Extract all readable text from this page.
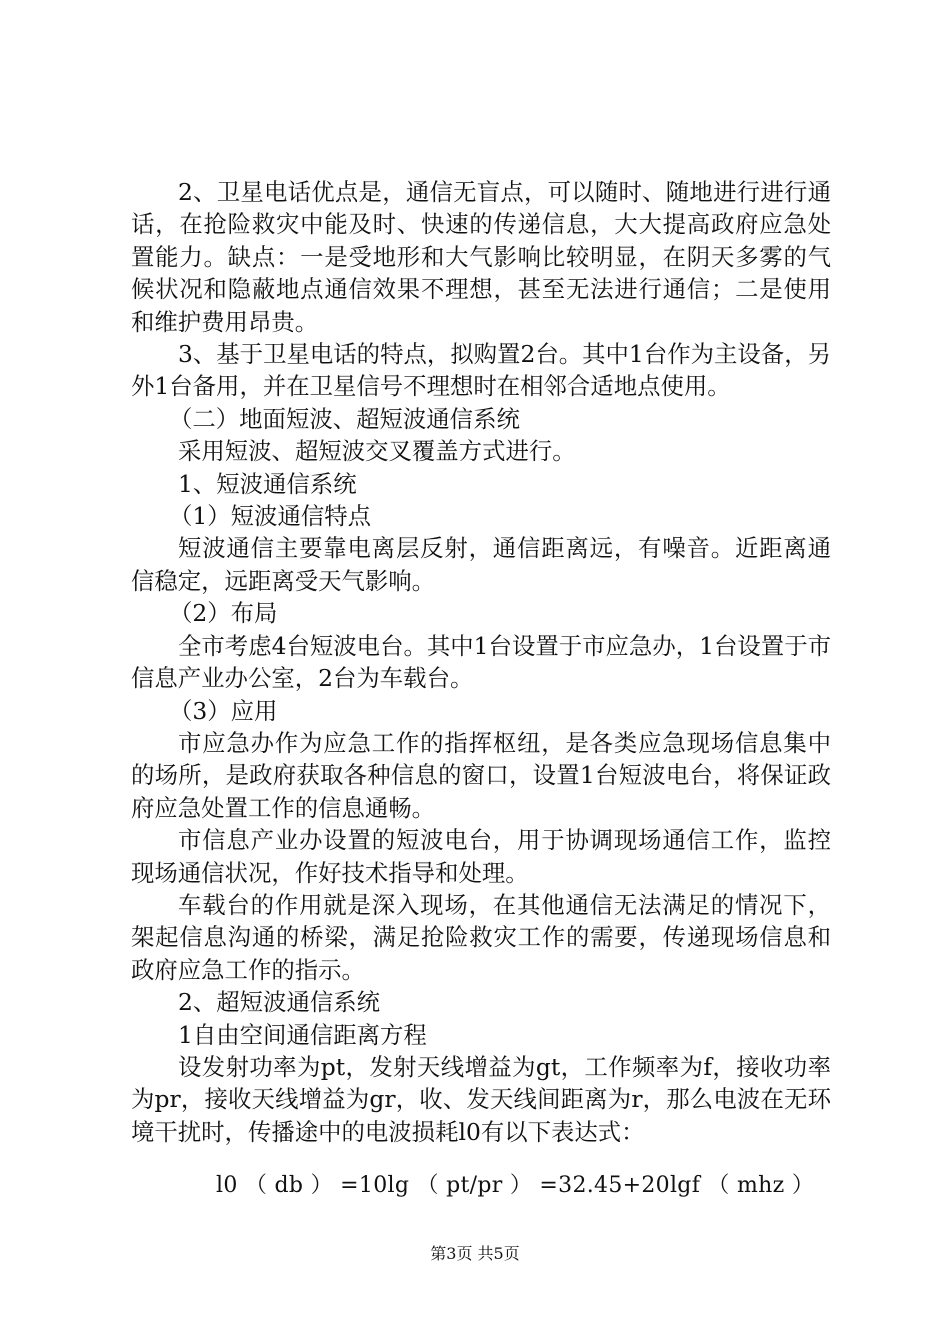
2、卫星电话优点是，通信无盲点，可以随时、随地进行进行通话，在抢险救灾中能及时、快速的传递信息，大大提高政府应急处置能力。缺点：一是受地形和大气影响比较明显，在阴天多雾的气候状况和隐蔽地点通信效果不理想，甚至无法进行通信；二是使用和维护费用昂贵。

3、基于卫星电话的特点，拟购置2台。其中1台作为主设备，另外1台备用，并在卫星信号不理想时在相邻合适地点使用。

（二）地面短波、超短波通信系统

采用短波、超短波交叉覆盖方式进行。

1、短波通信系统

（1）短波通信特点

短波通信主要靠电离层反射，通信距离远，有噪音。近距离通信稳定，远距离受天气影响。

（2）布局

全市考虑4台短波电台。其中1台设置于市应急办，1台设置于市信息产业办公室，2台为车载台。

（3）应用

市应急办作为应急工作的指挥枢纽，是各类应急现场信息集中的场所，是政府获取各种信息的窗口，设置1台短波电台，将保证政府应急处置工作的信息通畅。

市信息产业办设置的短波电台，用于协调现场通信工作，监控现场通信状况，作好技术指导和处理。

车载台的作用就是深入现场，在其他通信无法满足的情况下，架起信息沟通的桥梁，满足抢险救灾工作的需要，传递现场信息和政府应急工作的指示。

2、超短波通信系统

1自由空间通信距离方程

设发射功率为pt，发射天线增益为gt，工作频率为f，接收功率为pr，接收天线增益为gr，收、发天线间距离为r，那么电波在无环境干扰时，传播途中的电波损耗l0有以下表达式：

l0 （ db ） =10lg （ pt/pr ） =32.45+20lgf （ mhz ）
第3页 共5页
